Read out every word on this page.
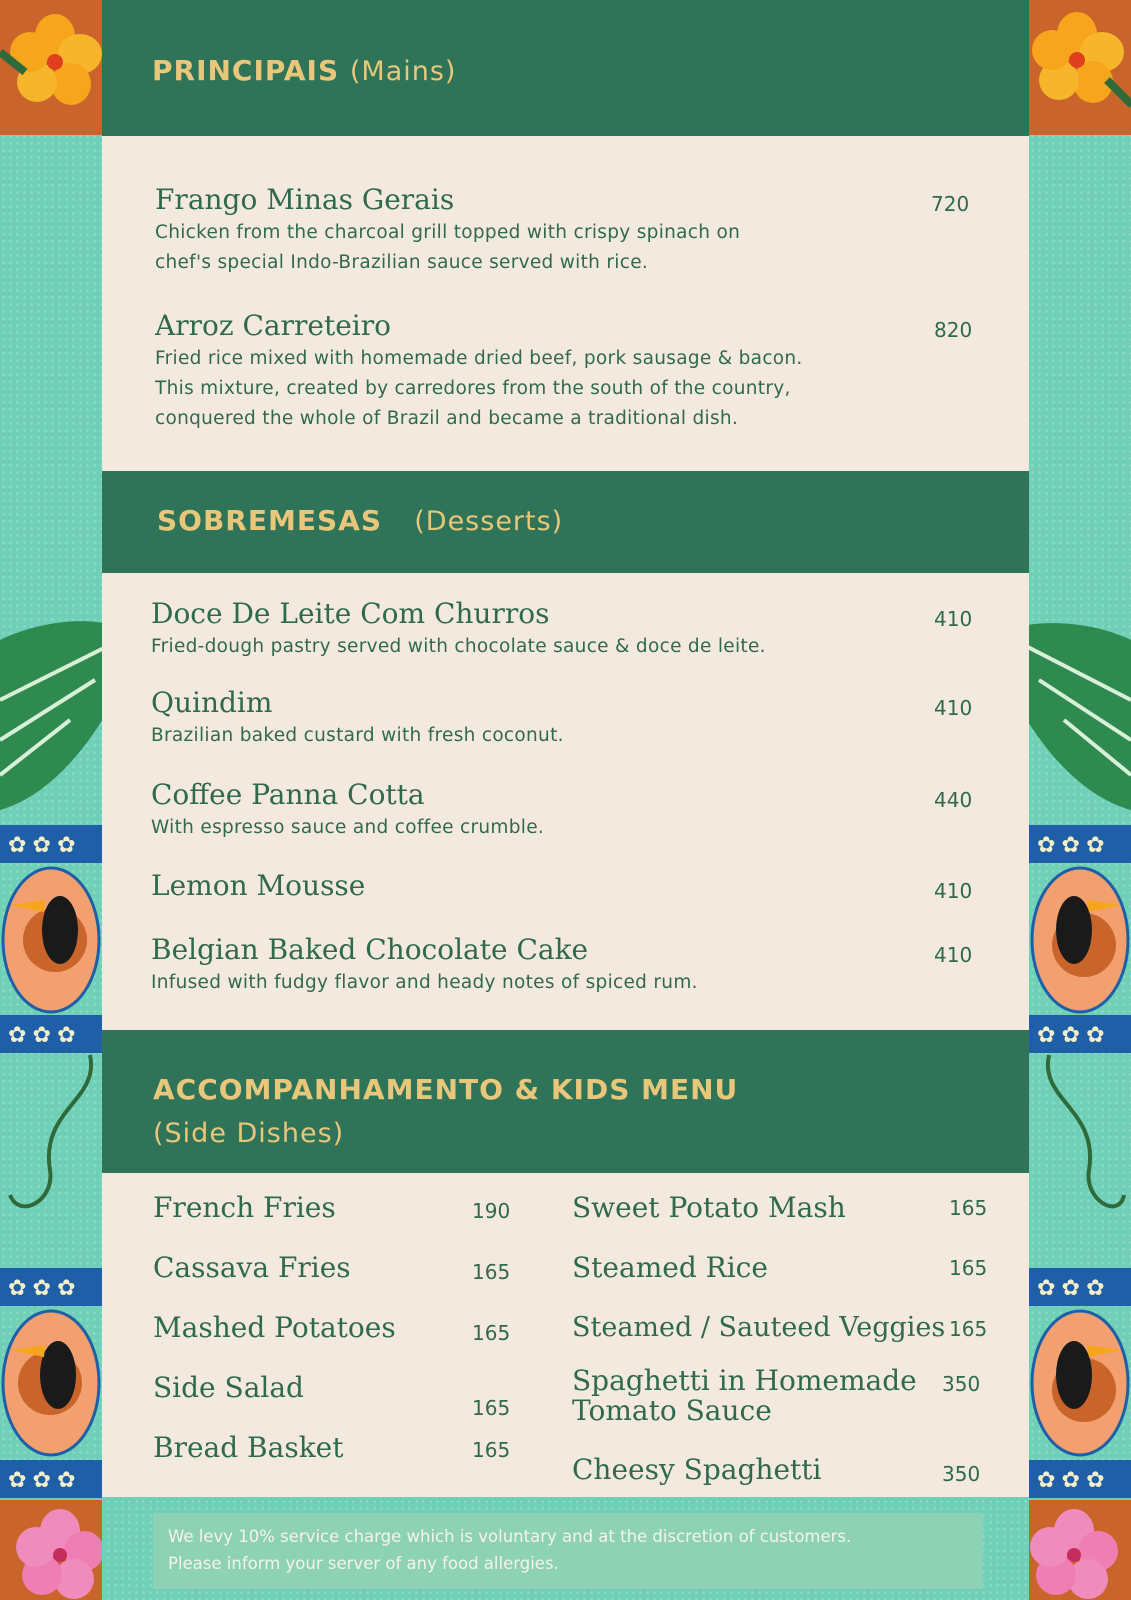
✿ ✿ ✿
✿ ✿ ✿
✿ ✿ ✿
✿ ✿ ✿
✿ ✿ ✿
✿ ✿ ✿
✿ ✿ ✿
✿ ✿ ✿
PRINCIPAIS (Mains)
Frango Minas Gerais	720
Chicken from the charcoal grill topped with crispy spinach on
chef's special Indo-Brazilian sauce served with rice.
Arroz Carreteiro	820
Fried rice mixed with homemade dried beef, pork sausage & bacon.
This mixture, created by carredores from the south of the country,
conquered the whole of Brazil and became a traditional dish.
SOBREMESAS (Desserts)
Doce De Leite Com Churros	410
Fried-dough pastry served with chocolate sauce & doce de leite.
Quindim	410
Brazilian baked custard with fresh coconut.
Coffee Panna Cotta	440
With espresso sauce and coffee crumble.
Lemon Mousse	410
Belgian Baked Chocolate Cake	410
Infused with fudgy flavor and heady notes of spiced rum.
ACCOMPANHAMENTO & KIDS MENU
(Side Dishes)
French Fries	190
Cassava Fries	165
Mashed Potatoes	165
Side Salad
165
Bread Basket	165
Sweet Potato Mash	165
Steamed Rice	165
Steamed / Sauteed Veggies 165
Spaghetti in Homemade
Tomato Sauce
350
Cheesy Spaghetti	350
We levy 10% service charge which is voluntary and at the discretion of customers.
Please inform your server of any food allergies.
